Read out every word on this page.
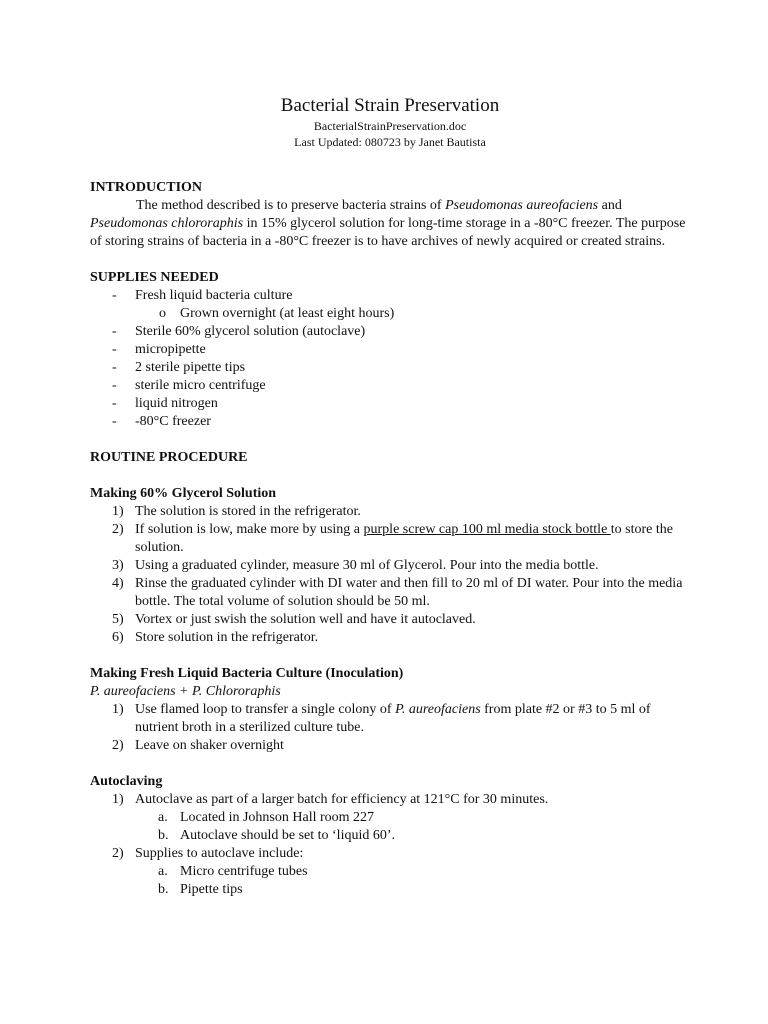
Bacterial Strain Preservation
BacterialStrainPreservation.doc
Last Updated: 080723 by Janet Bautista
INTRODUCTION
The method described is to preserve bacteria strains of Pseudomonas aureofaciens and Pseudomonas chlororaphis in 15% glycerol solution for long-time storage in a -80°C freezer. The purpose of storing strains of bacteria in a -80°C freezer is to have archives of newly acquired or created strains.
SUPPLIES NEEDED
- Fresh liquid bacteria culture
o Grown overnight (at least eight hours)
- Sterile 60% glycerol solution (autoclave)
- micropipette
- 2 sterile pipette tips
- sterile micro centrifuge
- liquid nitrogen
- -80°C freezer
ROUTINE PROCEDURE
Making 60% Glycerol Solution
1) The solution is stored in the refrigerator.
2) If solution is low, make more by using a purple screw cap 100 ml media stock bottle to store the solution.
3) Using a graduated cylinder, measure 30 ml of Glycerol. Pour into the media bottle.
4) Rinse the graduated cylinder with DI water and then fill to 20 ml of DI water. Pour into the media bottle. The total volume of solution should be 50 ml.
5) Vortex or just swish the solution well and have it autoclaved.
6) Store solution in the refrigerator.
Making Fresh Liquid Bacteria Culture (Inoculation)
P. aureofaciens + P. Chlororaphis
1) Use flamed loop to transfer a single colony of P. aureofaciens from plate #2 or #3 to 5 ml of nutrient broth in a sterilized culture tube.
2) Leave on shaker overnight
Autoclaving
1) Autoclave as part of a larger batch for efficiency at 121°C for 30 minutes.
a. Located in Johnson Hall room 227
b. Autoclave should be set to ‘liquid 60’.
2) Supplies to autoclave include:
a. Micro centrifuge tubes
b. Pipette tips
